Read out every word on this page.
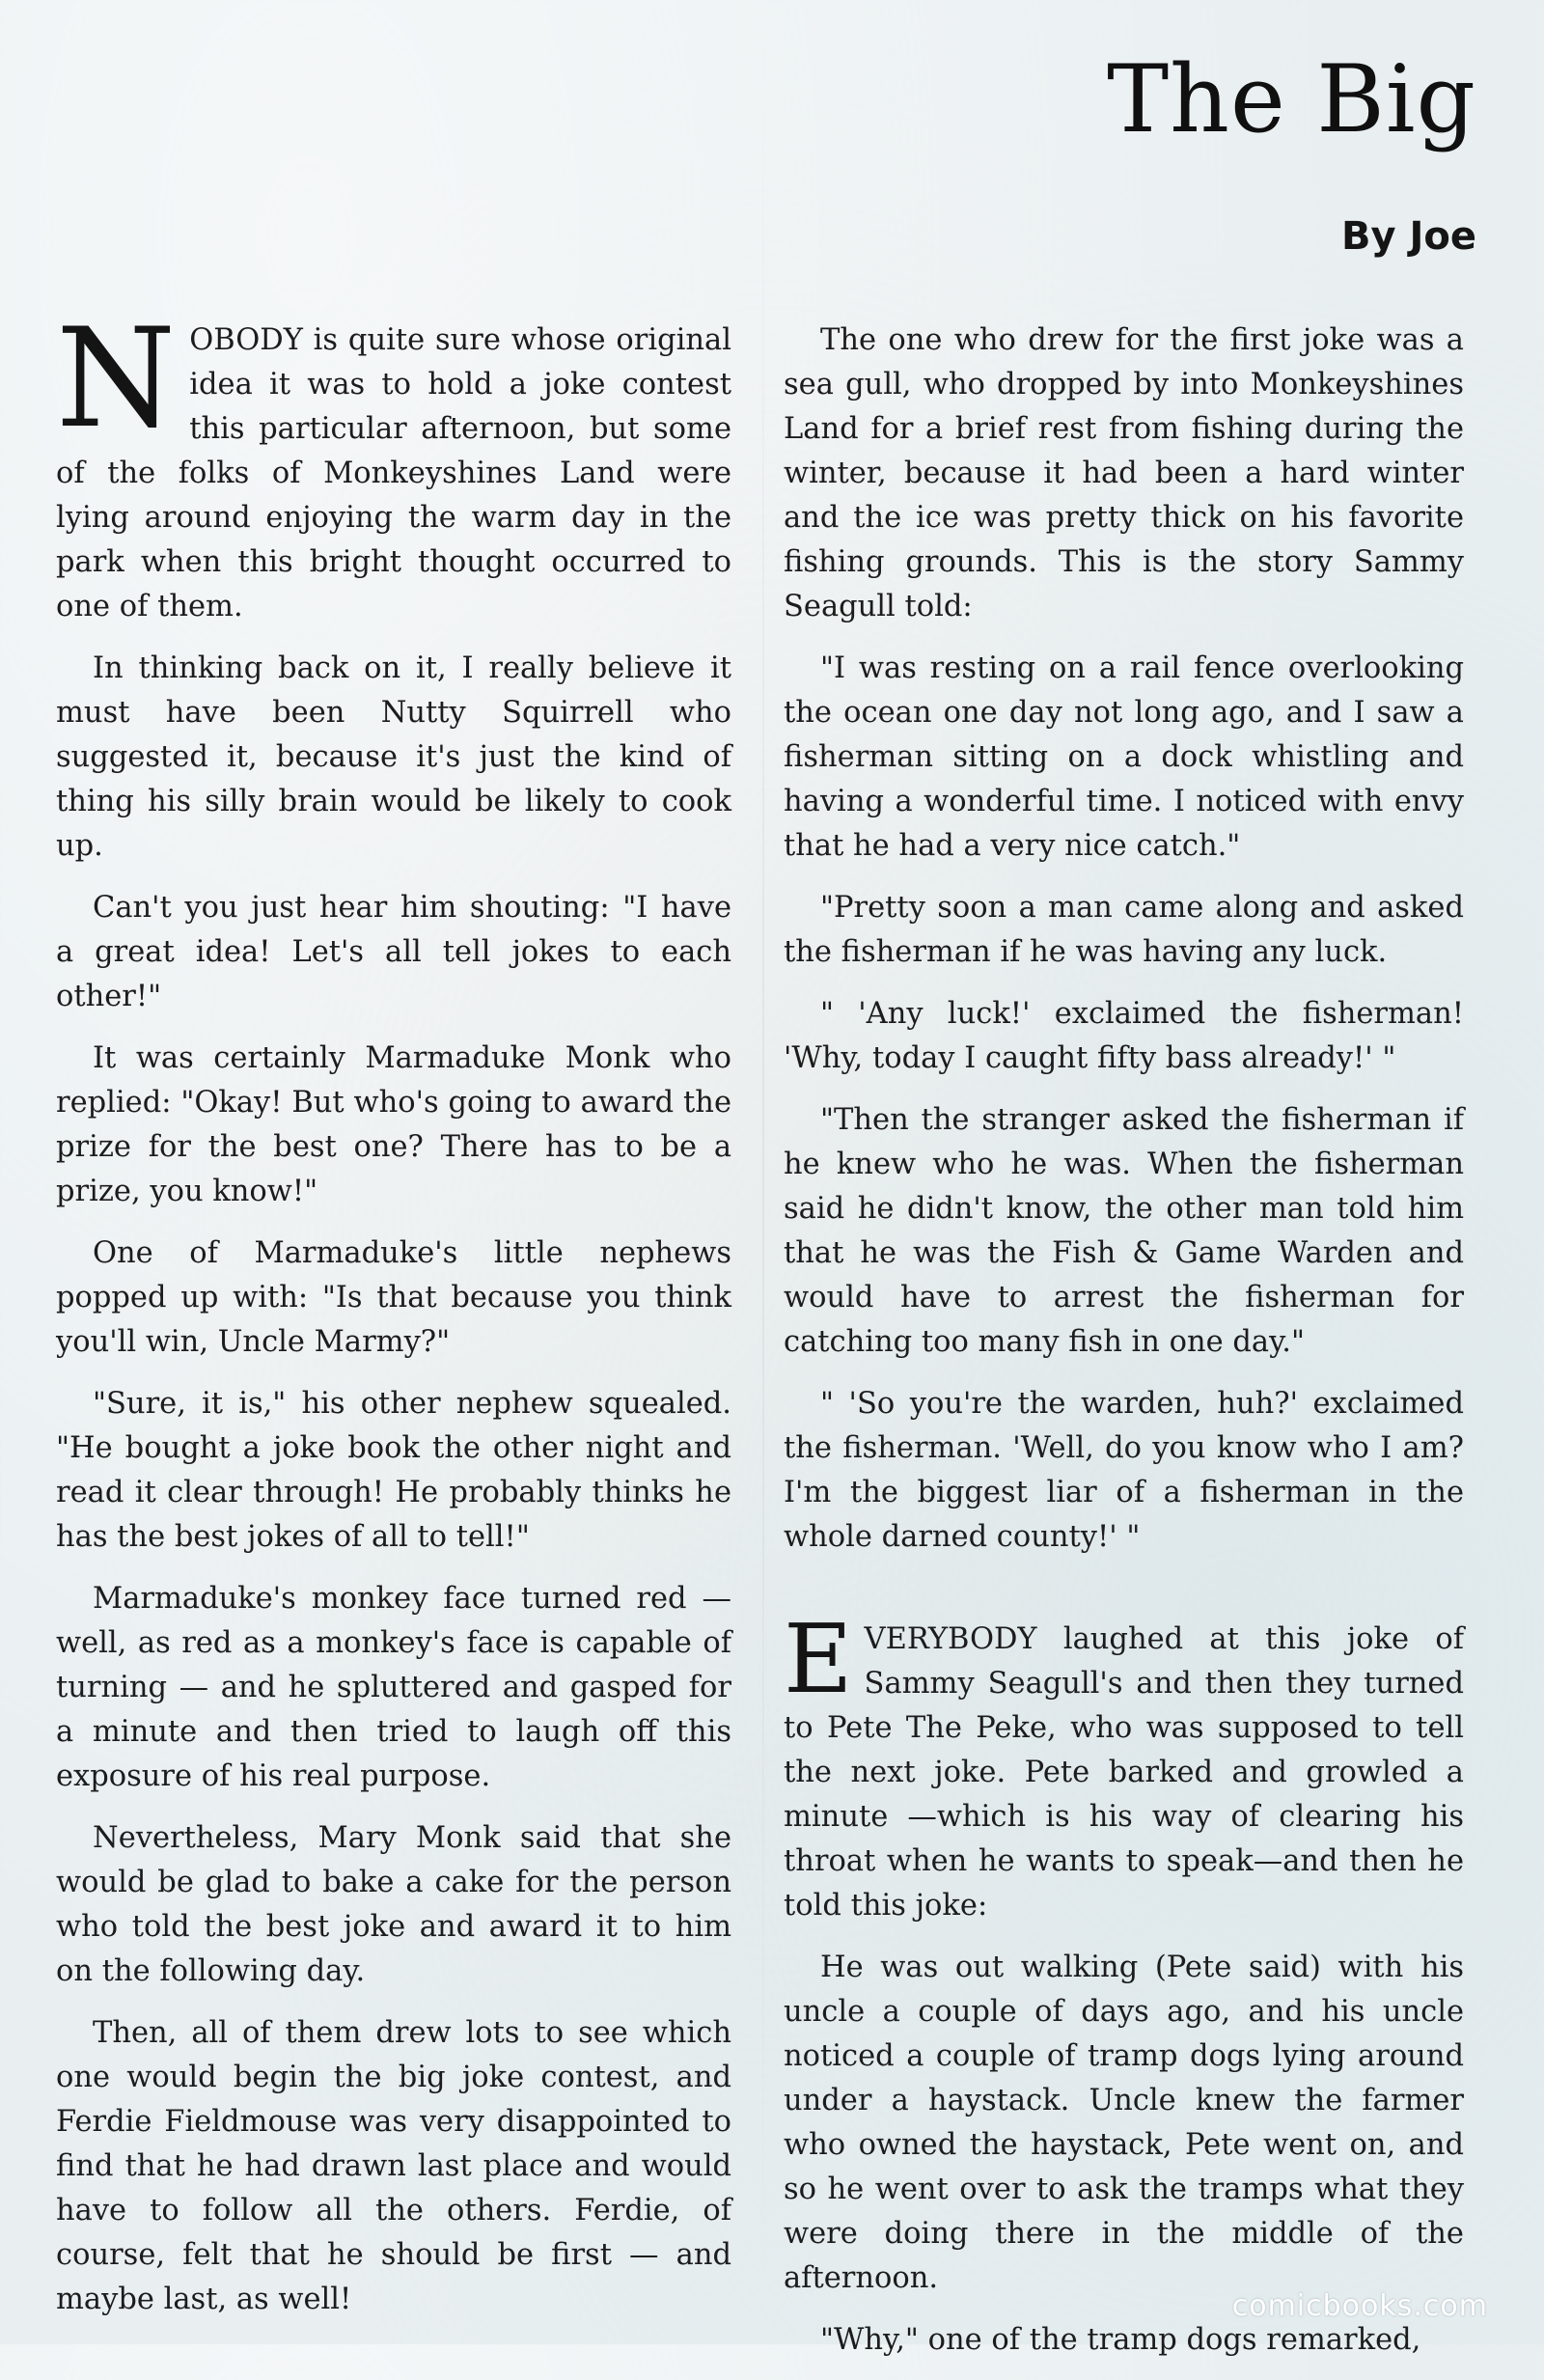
The Big
By Joe

NOBODY is quite sure whose original idea it was to hold a joke contest this particular afternoon, but some of the folks of Monkeyshines Land were lying around enjoying the warm day in the park when this bright thought occurred to one of them.

In thinking back on it, I really believe it must have been Nutty Squirrell who suggested it, because it's just the kind of thing his silly brain would be likely to cook up.

Can't you just hear him shouting: "I have a great idea! Let's all tell jokes to each other!"

It was certainly Marmaduke Monk who replied: "Okay! But who's going to award the prize for the best one? There has to be a prize, you know!"

One of Marmaduke's little nephews popped up with: "Is that because you think you'll win, Uncle Marmy?"

"Sure, it is," his other nephew squealed. "He bought a joke book the other night and read it clear through! He probably thinks he has the best jokes of all to tell!"

Marmaduke's monkey face turned red — well, as red as a monkey's face is capable of turning — and he spluttered and gasped for a minute and then tried to laugh off this exposure of his real purpose.

Nevertheless, Mary Monk said that she would be glad to bake a cake for the person who told the best joke and award it to him on the following day.

Then, all of them drew lots to see which one would begin the big joke contest, and Ferdie Fieldmouse was very disappointed to find that he had drawn last place and would have to follow all the others. Ferdie, of course, felt that he should be first — and maybe last, as well!

The one who drew for the first joke was a sea gull, who dropped by into Monkeyshines Land for a brief rest from fishing during the winter, because it had been a hard winter and the ice was pretty thick on his favorite fishing grounds. This is the story Sammy Seagull told:

"I was resting on a rail fence overlooking the ocean one day not long ago, and I saw a fisherman sitting on a dock whistling and having a wonderful time. I noticed with envy that he had a very nice catch."

"Pretty soon a man came along and asked the fisherman if he was having any luck.

" 'Any luck!' exclaimed the fisherman! 'Why, today I caught fifty bass already!' "

"Then the stranger asked the fisherman if he knew who he was. When the fisherman said he didn't know, the other man told him that he was the Fish & Game Warden and would have to arrest the fisherman for catching too many fish in one day."

" 'So you're the warden, huh?' exclaimed the fisherman. 'Well, do you know who I am? I'm the biggest liar of a fisherman in the whole darned county!' "

EVERYBODY laughed at this joke of Sammy Seagull's and then they turned to Pete The Peke, who was supposed to tell the next joke. Pete barked and growled a minute —which is his way of clearing his throat when he wants to speak—and then he told this joke:

He was out walking (Pete said) with his uncle a couple of days ago, and his uncle noticed a couple of tramp dogs lying around under a haystack. Uncle knew the farmer who owned the haystack, Pete went on, and so he went over to ask the tramps what they were doing there in the middle of the afternoon.

"Why," one of the tramp dogs remarked,

comicbooks.com
